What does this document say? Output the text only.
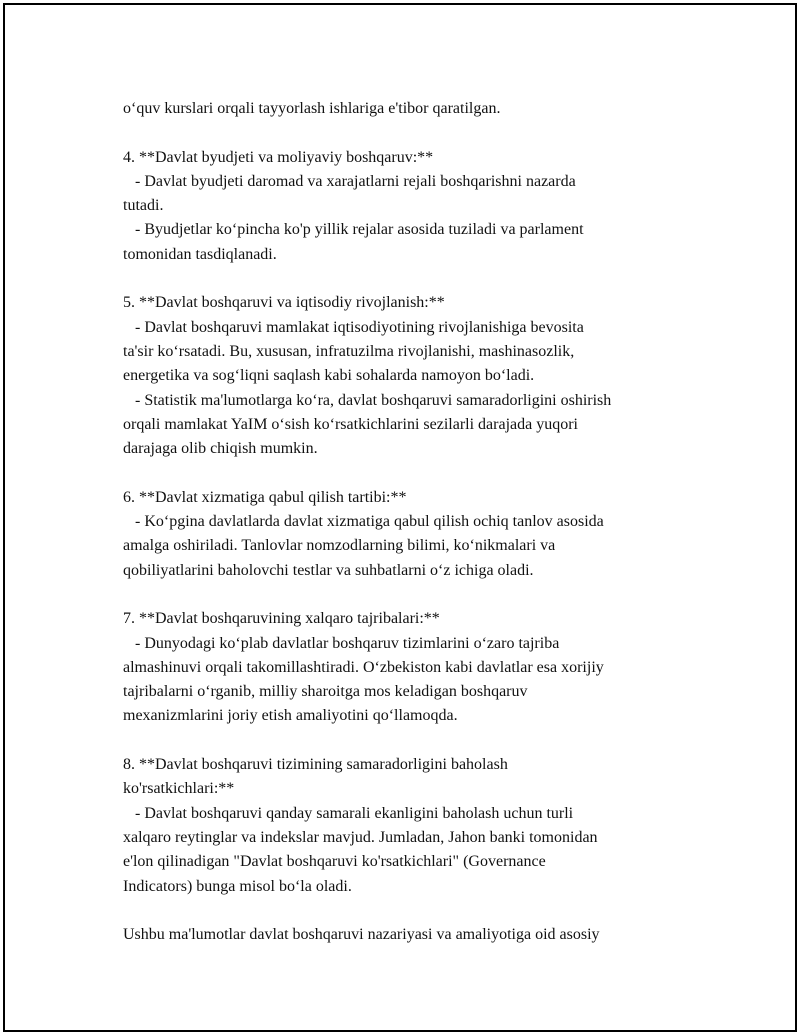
o‘quv kurslari orqali tayyorlash ishlariga e'tibor qaratilgan.
4. **Davlat byudjeti va moliyaviy boshqaruv:**
- Davlat byudjeti daromad va xarajatlarni rejali boshqarishni nazarda
tutadi.
- Byudjetlar ko‘pincha ko'p yillik rejalar asosida tuziladi va parlament
tomonidan tasdiqlanadi.
5. **Davlat boshqaruvi va iqtisodiy rivojlanish:**
- Davlat boshqaruvi mamlakat iqtisodiyotining rivojlanishiga bevosita
ta'sir ko‘rsatadi. Bu, xususan, infratuzilma rivojlanishi, mashinasozlik,
energetika va sog‘liqni saqlash kabi sohalarda namoyon bo‘ladi.
- Statistik ma'lumotlarga ko‘ra, davlat boshqaruvi samaradorligini oshirish
orqali mamlakat YaIM o‘sish ko‘rsatkichlarini sezilarli darajada yuqori
darajaga olib chiqish mumkin.
6. **Davlat xizmatiga qabul qilish tartibi:**
- Ko‘pgina davlatlarda davlat xizmatiga qabul qilish ochiq tanlov asosida
amalga oshiriladi. Tanlovlar nomzodlarning bilimi, ko‘nikmalari va
qobiliyatlarini baholovchi testlar va suhbatlarni o‘z ichiga oladi.
7. **Davlat boshqaruvining xalqaro tajribalari:**
- Dunyodagi ko‘plab davlatlar boshqaruv tizimlarini o‘zaro tajriba
almashinuvi orqali takomillashtiradi. O‘zbekiston kabi davlatlar esa xorijiy
tajribalarni o‘rganib, milliy sharoitga mos keladigan boshqaruv
mexanizmlarini joriy etish amaliyotini qo‘llamoqda.
8. **Davlat boshqaruvi tizimining samaradorligini baholash
ko'rsatkichlari:**
- Davlat boshqaruvi qanday samarali ekanligini baholash uchun turli
xalqaro reytinglar va indekslar mavjud. Jumladan, Jahon banki tomonidan
e'lon qilinadigan "Davlat boshqaruvi ko'rsatkichlari" (Governance
Indicators) bunga misol bo‘la oladi.
Ushbu ma'lumotlar davlat boshqaruvi nazariyasi va amaliyotiga oid asosiy
